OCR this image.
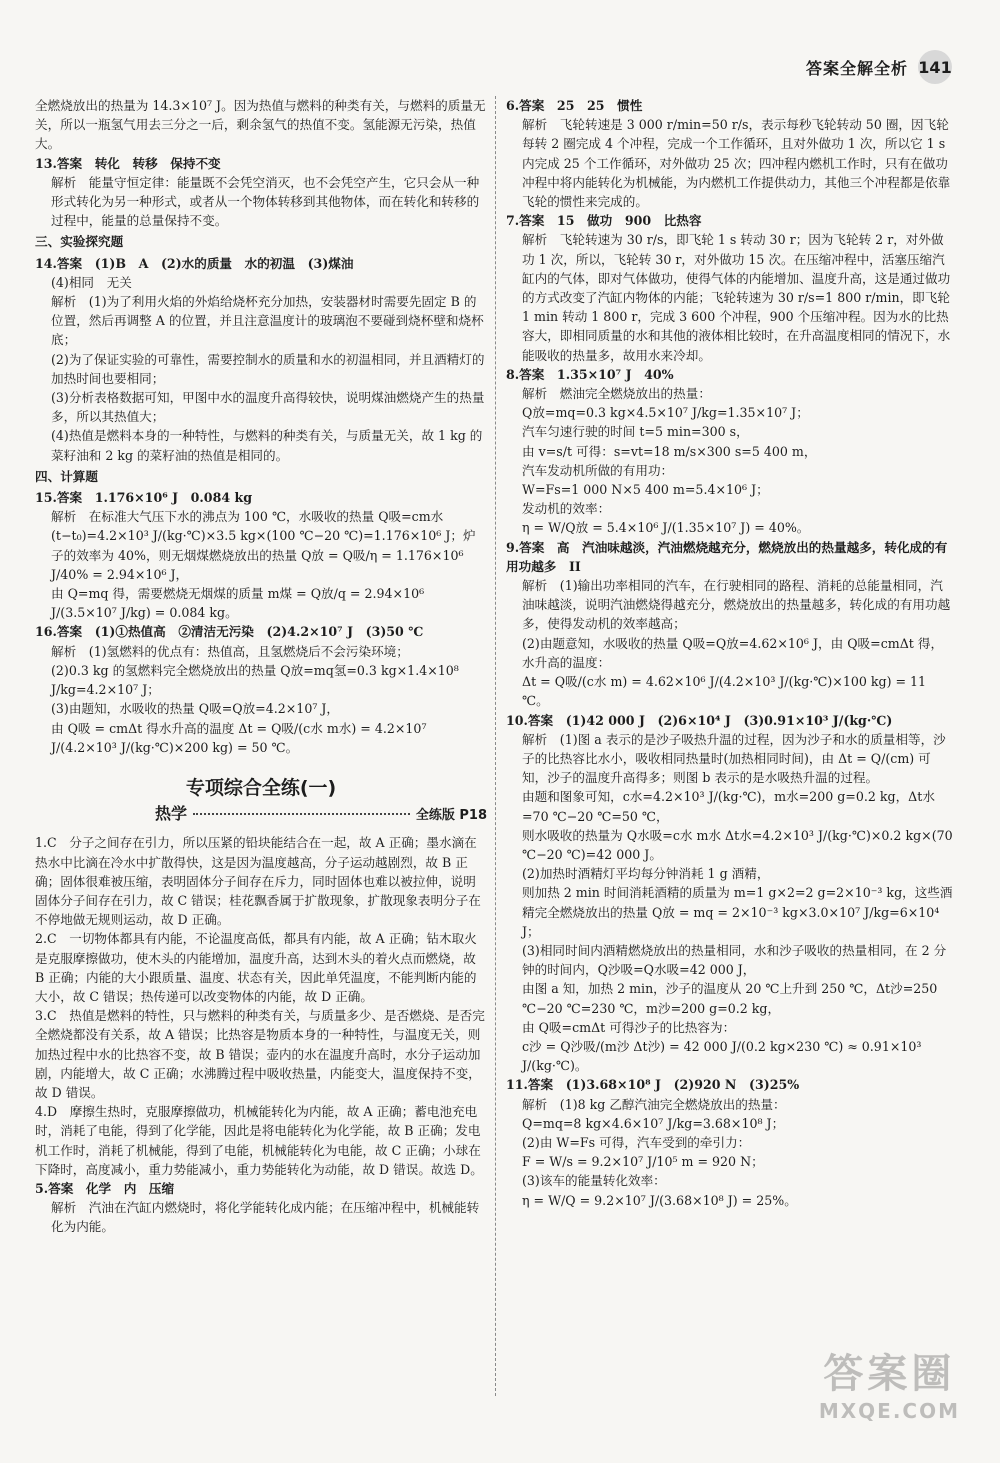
答案全解全析 141

全燃烧放出的热量为 14.3×10⁷ J。因为热值与燃料的种类有关，与燃料的质量无关，所以一瓶氢气用去三分之一后，剩余氢气的热值不变。氢能源无污染，热值大。

13.答案　转化　转移　保持不变

解析　能量守恒定律：能量既不会凭空消灭，也不会凭空产生，它只会从一种形式转化为另一种形式，或者从一个物体转移到其他物体，而在转化和转移的过程中，能量的总量保持不变。

三、实验探究题

14.答案　(1)B　A　(2)水的质量　水的初温　(3)煤油

(4)相同　无关

解析　(1)为了利用火焰的外焰给烧杯充分加热，安装器材时需要先固定 B 的位置，然后再调整 A 的位置，并且注意温度计的玻璃泡不要碰到烧杯壁和烧杯底；

(2)为了保证实验的可靠性，需要控制水的质量和水的初温相同，并且酒精灯的加热时间也要相同；

(3)分析表格数据可知，甲图中水的温度升高得较快，说明煤油燃烧产生的热量多，所以其热值大；

(4)热值是燃料本身的一种特性，与燃料的种类有关，与质量无关，故 1 kg 的菜籽油和 2 kg 的菜籽油的热值是相同的。

四、计算题

15.答案　1.176×10⁶ J　0.084 kg

解析　在标准大气压下水的沸点为 100 ℃，水吸收的热量 Q吸=cm水(t−t₀)=4.2×10³ J/(kg·℃)×3.5 kg×(100 ℃−20 ℃)=1.176×10⁶ J；炉子的效率为 40%，则无烟煤燃烧放出的热量 Q放 = Q吸/η = 1.176×10⁶ J/40% = 2.94×10⁶ J，

由 Q=mq 得，需要燃烧无烟煤的质量 m煤 = Q放/q = 2.94×10⁶ J/(3.5×10⁷ J/kg) = 0.084 kg。

16.答案　(1)①热值高　②清洁无污染　(2)4.2×10⁷ J　(3)50 ℃

解析　(1)氢燃料的优点有：热值高，且氢燃烧后不会污染环境；

(2)0.3 kg 的氢燃料完全燃烧放出的热量 Q放=mq氢=0.3 kg×1.4×10⁸ J/kg=4.2×10⁷ J；

(3)由题知，水吸收的热量 Q吸=Q放=4.2×10⁷ J，

由 Q吸 = cmΔt 得水升高的温度 Δt = Q吸/(c水 m水) = 4.2×10⁷ J/(4.2×10³ J/(kg·℃)×200 kg) = 50 ℃。

专项综合全练(一)
热学	全练版 P18

1.C　分子之间存在引力，所以压紧的铅块能结合在一起，故 A 正确；墨水滴在热水中比滴在冷水中扩散得快，这是因为温度越高，分子运动越剧烈，故 B 正确；固体很难被压缩，表明固体分子间存在斥力，同时固体也难以被拉伸，说明固体分子间存在引力，故 C 错误；桂花飘香属于扩散现象，扩散现象表明分子在不停地做无规则运动，故 D 正确。

2.C　一切物体都具有内能，不论温度高低，都具有内能，故 A 正确；钻木取火是克服摩擦做功，使木头的内能增加，温度升高，达到木头的着火点而燃烧，故 B 正确；内能的大小跟质量、温度、状态有关，因此单凭温度，不能判断内能的大小，故 C 错误；热传递可以改变物体的内能，故 D 正确。

3.C　热值是燃料的特性，只与燃料的种类有关，与质量多少、是否燃烧、是否完全燃烧都没有关系，故 A 错误；比热容是物质本身的一种特性，与温度无关，则加热过程中水的比热容不变，故 B 错误；壶内的水在温度升高时，水分子运动加剧，内能增大，故 C 正确；水沸腾过程中吸收热量，内能变大，温度保持不变，故 D 错误。

4.D　摩擦生热时，克服摩擦做功，机械能转化为内能，故 A 正确；蓄电池充电时，消耗了电能，得到了化学能，因此是将电能转化为化学能，故 B 正确；发电机工作时，消耗了机械能，得到了电能，机械能转化为电能，故 C 正确；小球在下降时，高度减小，重力势能减小，重力势能转化为动能，故 D 错误。故选 D。

5.答案　化学　内　压缩

解析　汽油在汽缸内燃烧时，将化学能转化成内能；在压缩冲程中，机械能转化为内能。

6.答案　25　25　惯性

解析　飞轮转速是 3 000 r/min=50 r/s，表示每秒飞轮转动 50 圈，因飞轮每转 2 圈完成 4 个冲程，完成一个工作循环，且对外做功 1 次，所以它 1 s 内完成 25 个工作循环，对外做功 25 次；四冲程内燃机工作时，只有在做功冲程中将内能转化为机械能，为内燃机工作提供动力，其他三个冲程都是依靠飞轮的惯性来完成的。

7.答案　15　做功　900　比热容

解析　飞轮转速为 30 r/s，即飞轮 1 s 转动 30 r；因为飞轮转 2 r，对外做功 1 次，所以，飞轮转 30 r，对外做功 15 次。在压缩冲程中，活塞压缩汽缸内的气体，即对气体做功，使得气体的内能增加、温度升高，这是通过做功的方式改变了汽缸内物体的内能；飞轮转速为 30 r/s=1 800 r/min，即飞轮 1 min 转动 1 800 r，完成 3 600 个冲程，900 个压缩冲程。因为水的比热容大，即相同质量的水和其他的液体相比较时，在升高温度相同的情况下，水能吸收的热量多，故用水来冷却。

8.答案　1.35×10⁷ J　40%

解析　燃油完全燃烧放出的热量：

Q放=mq=0.3 kg×4.5×10⁷ J/kg=1.35×10⁷ J；

汽车匀速行驶的时间 t=5 min=300 s，

由 v=s/t 可得：s=vt=18 m/s×300 s=5 400 m，

汽车发动机所做的有用功：

W=Fs=1 000 N×5 400 m=5.4×10⁶ J；

发动机的效率：

η = W/Q放 = 5.4×10⁶ J/(1.35×10⁷ J) = 40%。

9.答案　高　汽油味越淡，汽油燃烧越充分，燃烧放出的热量越多，转化成的有用功越多　II

解析　(1)输出功率相同的汽车，在行驶相同的路程、消耗的总能量相同，汽油味越淡，说明汽油燃烧得越充分，燃烧放出的热量越多，转化成的有用功越多，使得发动机的效率越高；

(2)由题意知，水吸收的热量 Q吸=Q放=4.62×10⁶ J，由 Q吸=cmΔt 得，水升高的温度：

Δt = Q吸/(c水 m) = 4.62×10⁶ J/(4.2×10³ J/(kg·℃)×100 kg) = 11 ℃。

10.答案　(1)42 000 J　(2)6×10⁴ J　(3)0.91×10³ J/(kg·℃)

解析　(1)图 a 表示的是沙子吸热升温的过程，因为沙子和水的质量相等，沙子的比热容比水小，吸收相同热量时(加热相同时间)，由 Δt = Q/(cm) 可知，沙子的温度升高得多；则图 b 表示的是水吸热升温的过程。

由题和图象可知，c水=4.2×10³ J/(kg·℃)，m水=200 g=0.2 kg，Δt水=70 ℃−20 ℃=50 ℃，

则水吸收的热量为 Q水吸=c水 m水 Δt水=4.2×10³ J/(kg·℃)×0.2 kg×(70 ℃−20 ℃)=42 000 J。

(2)加热时酒精灯平均每分钟消耗 1 g 酒精，

则加热 2 min 时间消耗酒精的质量为 m=1 g×2=2 g=2×10⁻³ kg，这些酒精完全燃烧放出的热量 Q放 = mq = 2×10⁻³ kg×3.0×10⁷ J/kg=6×10⁴ J；

(3)相同时间内酒精燃烧放出的热量相同，水和沙子吸收的热量相同，在 2 分钟的时间内，Q沙吸=Q水吸=42 000 J，

由图 a 知，加热 2 min，沙子的温度从 20 ℃上升到 250 ℃，Δt沙=250 ℃−20 ℃=230 ℃，m沙=200 g=0.2 kg，

由 Q吸=cmΔt 可得沙子的比热容为：

c沙 = Q沙吸/(m沙 Δt沙) = 42 000 J/(0.2 kg×230 ℃) ≈ 0.91×10³ J/(kg·℃)。

11.答案　(1)3.68×10⁸ J　(2)920 N　(3)25%

解析　(1)8 kg 乙醇汽油完全燃烧放出的热量：

Q=mq=8 kg×4.6×10⁷ J/kg=3.68×10⁸ J；

(2)由 W=Fs 可得，汽车受到的牵引力：

F = W/s = 9.2×10⁷ J/10⁵ m = 920 N；

(3)该车的能量转化效率：

η = W/Q = 9.2×10⁷ J/(3.68×10⁸ J) = 25%。

答案圈
MXQE.COM
